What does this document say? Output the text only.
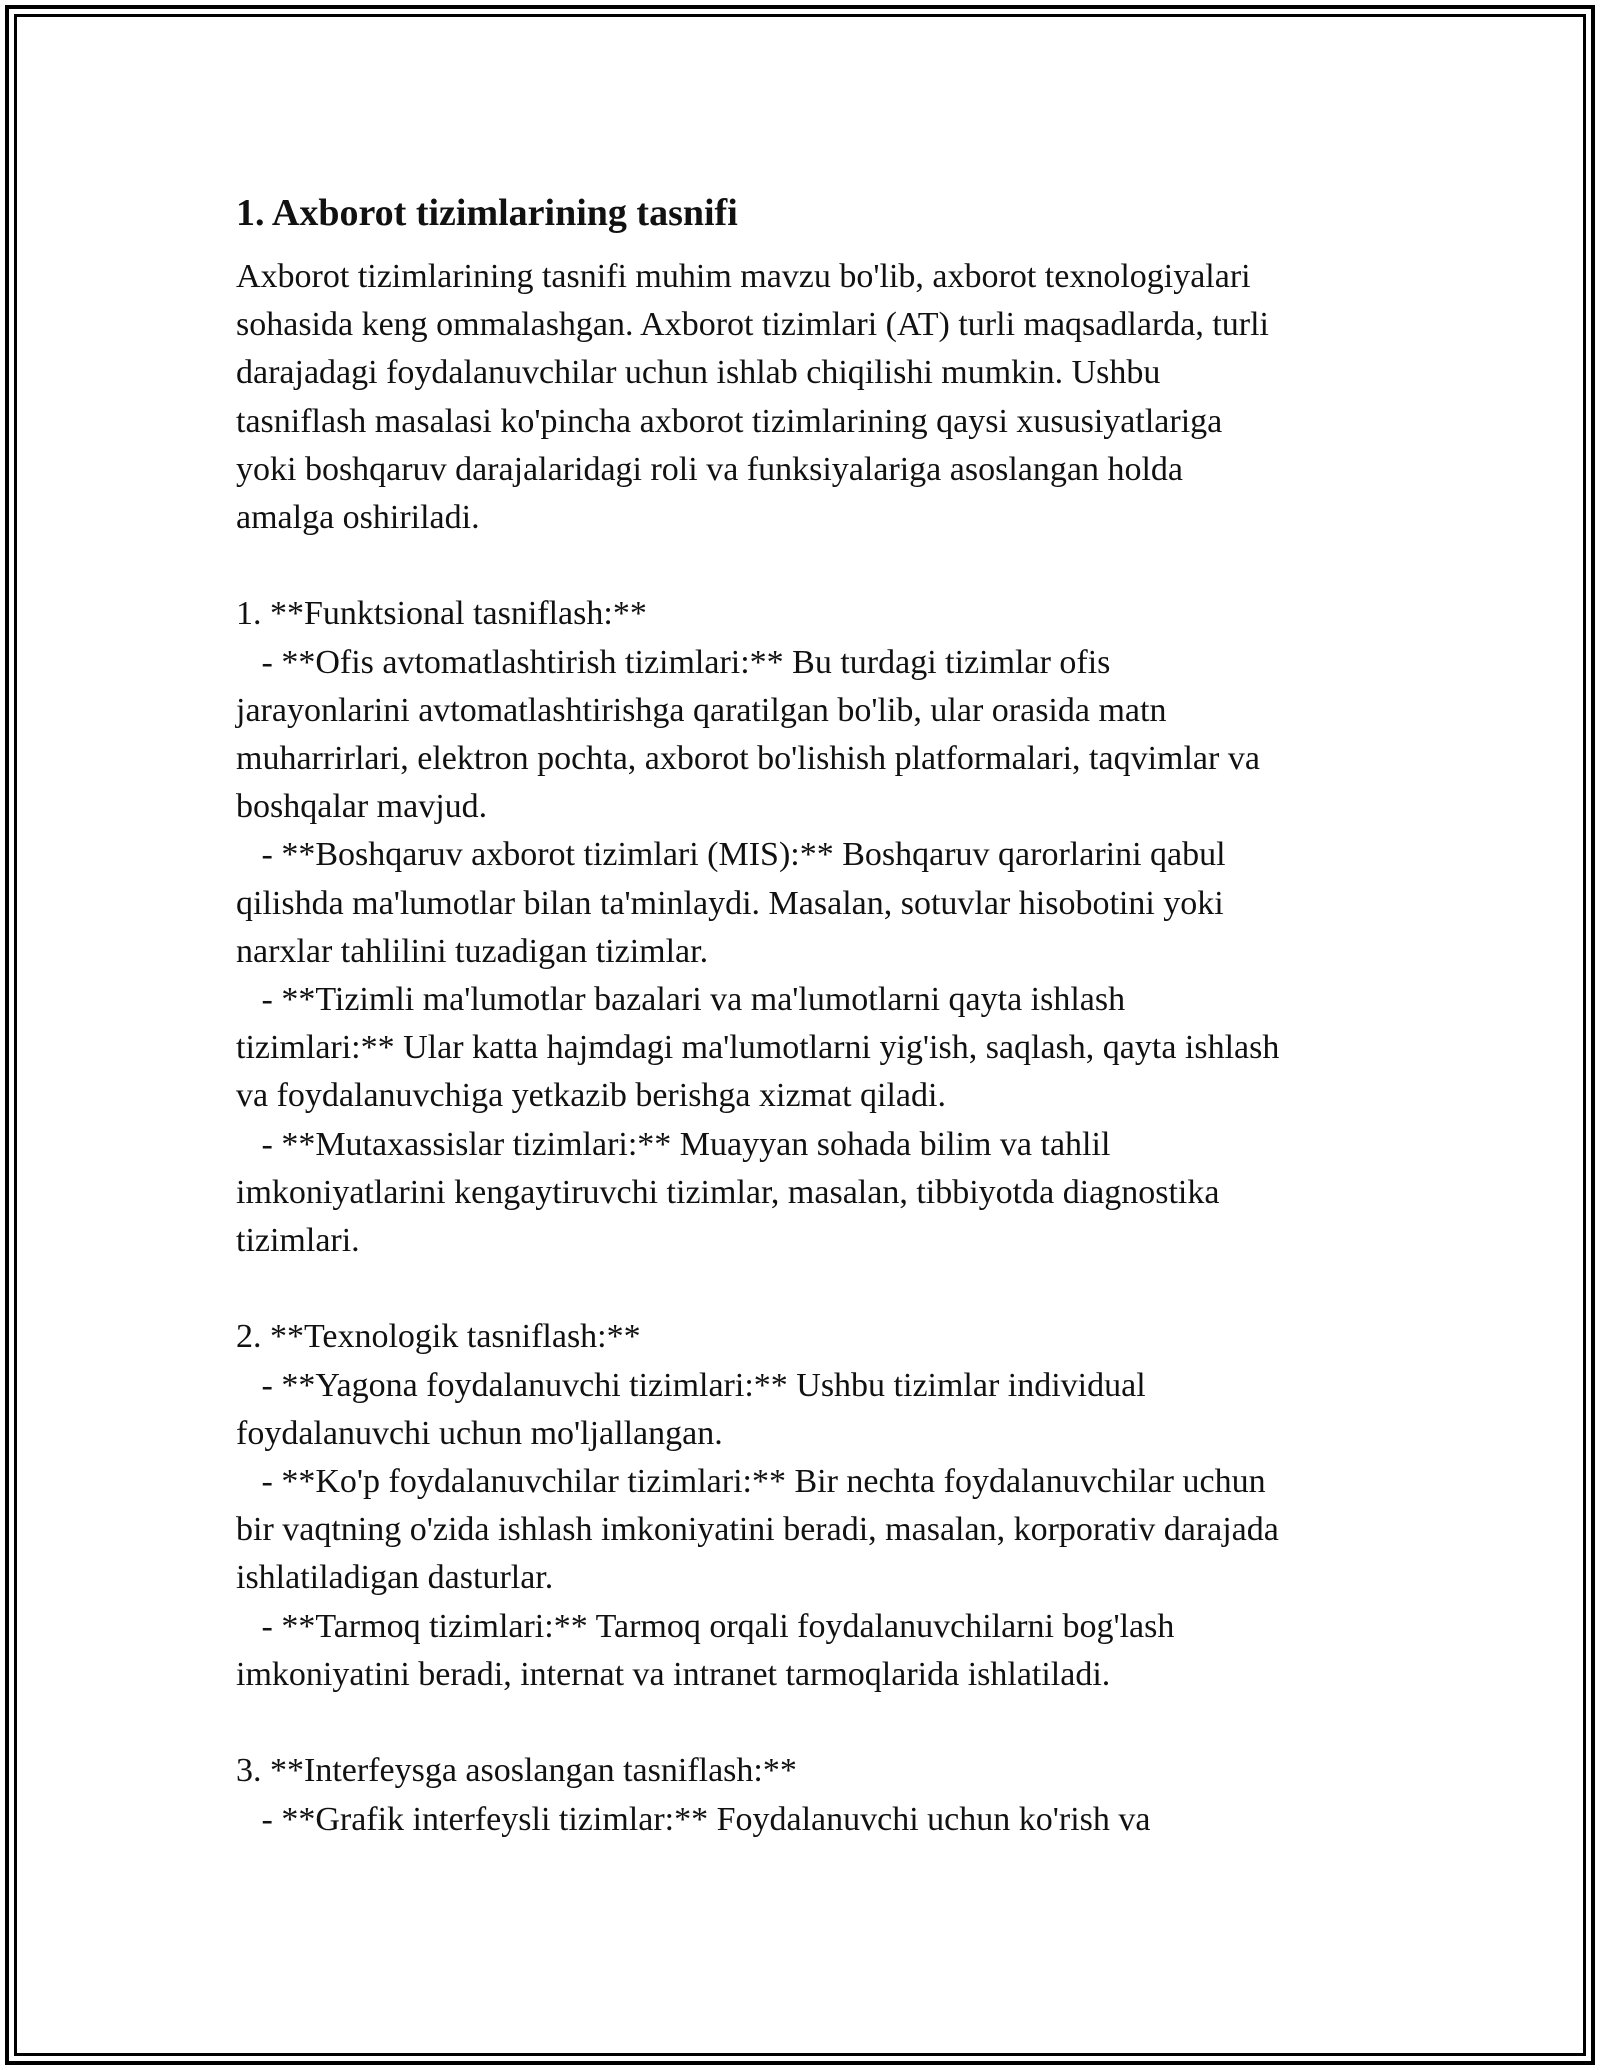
1. Axborot tizimlarining tasnifi

Axborot tizimlarining tasnifi muhim mavzu bo'lib, axborot texnologiyalari
sohasida keng ommalashgan. Axborot tizimlari (AT) turli maqsadlarda, turli
darajadagi foydalanuvchilar uchun ishlab chiqilishi mumkin. Ushbu
tasniflash masalasi ko'pincha axborot tizimlarining qaysi xususiyatlariga
yoki boshqaruv darajalaridagi roli va funksiyalariga asoslangan holda
amalga oshiriladi.

1. **Funktsional tasniflash:**
- **Ofis avtomatlashtirish tizimlari:** Bu turdagi tizimlar ofis
jarayonlarini avtomatlashtirishga qaratilgan bo'lib, ular orasida matn
muharrirlari, elektron pochta, axborot bo'lishish platformalari, taqvimlar va
boshqalar mavjud.
- **Boshqaruv axborot tizimlari (MIS):** Boshqaruv qarorlarini qabul
qilishda ma'lumotlar bilan ta'minlaydi. Masalan, sotuvlar hisobotini yoki
narxlar tahlilini tuzadigan tizimlar.
- **Tizimli ma'lumotlar bazalari va ma'lumotlarni qayta ishlash
tizimlari:** Ular katta hajmdagi ma'lumotlarni yig'ish, saqlash, qayta ishlash
va foydalanuvchiga yetkazib berishga xizmat qiladi.
- **Mutaxassislar tizimlari:** Muayyan sohada bilim va tahlil
imkoniyatlarini kengaytiruvchi tizimlar, masalan, tibbiyotda diagnostika
tizimlari.

2. **Texnologik tasniflash:**
- **Yagona foydalanuvchi tizimlari:** Ushbu tizimlar individual
foydalanuvchi uchun mo'ljallangan.
- **Ko'p foydalanuvchilar tizimlari:** Bir nechta foydalanuvchilar uchun
bir vaqtning o'zida ishlash imkoniyatini beradi, masalan, korporativ darajada
ishlatiladigan dasturlar.
- **Tarmoq tizimlari:** Tarmoq orqali foydalanuvchilarni bog'lash
imkoniyatini beradi, internat va intranet tarmoqlarida ishlatiladi.

3. **Interfeysga asoslangan tasniflash:**
- **Grafik interfeysli tizimlar:** Foydalanuvchi uchun ko'rish va
